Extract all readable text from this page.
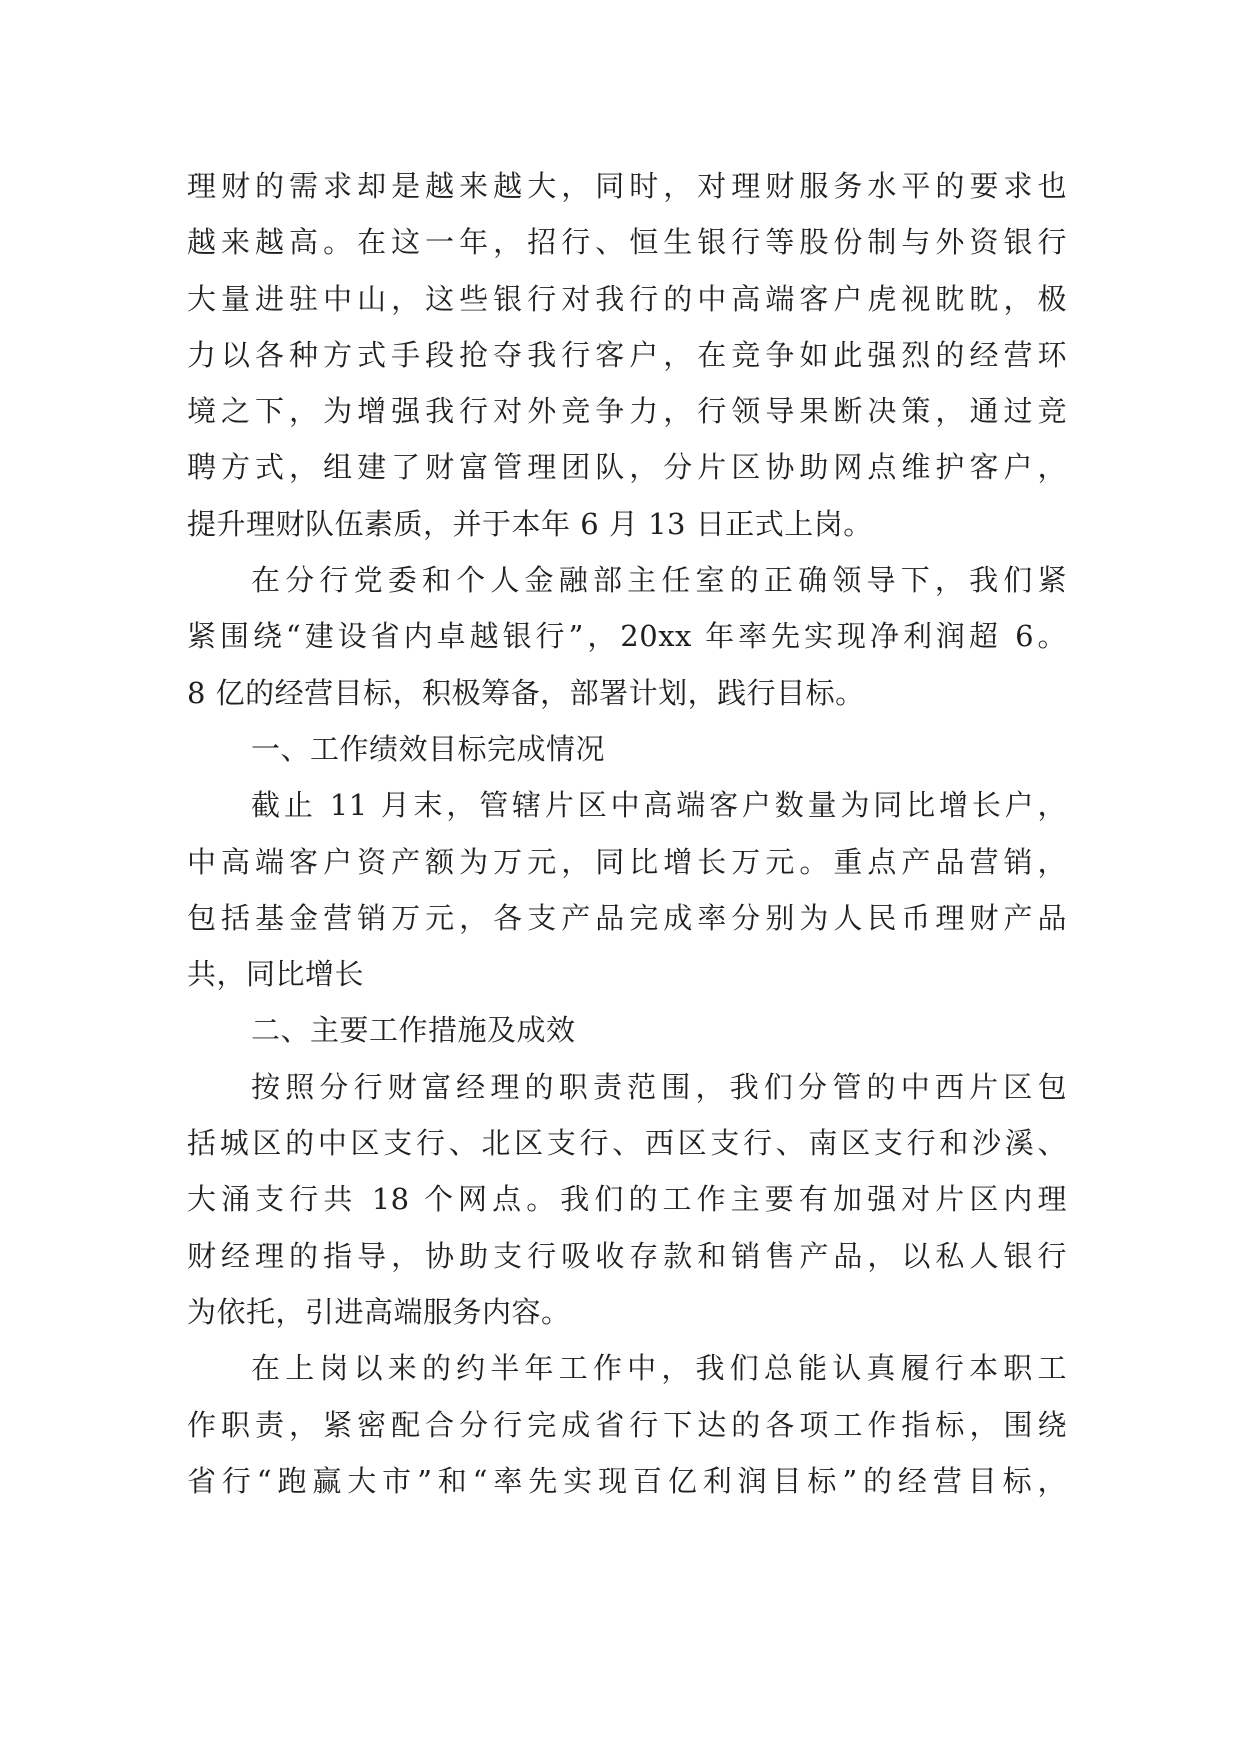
理财的需求却是越来越大，同时，对理财服务水平的要求也
越来越高。在这一年，招行、恒生银行等股份制与外资银行
大量进驻中山，这些银行对我行的中高端客户虎视眈眈，极
力以各种方式手段抢夺我行客户，在竞争如此强烈的经营环
境之下，为增强我行对外竞争力，行领导果断决策，通过竞
聘方式，组建了财富管理团队，分片区协助网点维护客户，
提升理财队伍素质，并于本年 6 月 13 日正式上岗。
在分行党委和个人金融部主任室的正确领导下，我们紧
紧围绕“建设省内卓越银行”，20xx 年率先实现净利润超 6。
8 亿的经营目标，积极筹备，部署计划，践行目标。
一、工作绩效目标完成情况
截止 11 月末，管辖片区中高端客户数量为同比增长户，
中高端客户资产额为万元，同比增长万元。重点产品营销，
包括基金营销万元，各支产品完成率分别为人民币理财产品
共，同比增长
二、主要工作措施及成效
按照分行财富经理的职责范围，我们分管的中西片区包
括城区的中区支行、北区支行、西区支行、南区支行和沙溪、
大涌支行共 18 个网点。我们的工作主要有加强对片区内理
财经理的指导，协助支行吸收存款和销售产品，以私人银行
为依托，引进高端服务内容。
在上岗以来的约半年工作中，我们总能认真履行本职工
作职责，紧密配合分行完成省行下达的各项工作指标，围绕
省行“跑赢大市”和“率先实现百亿利润目标”的经营目标，
